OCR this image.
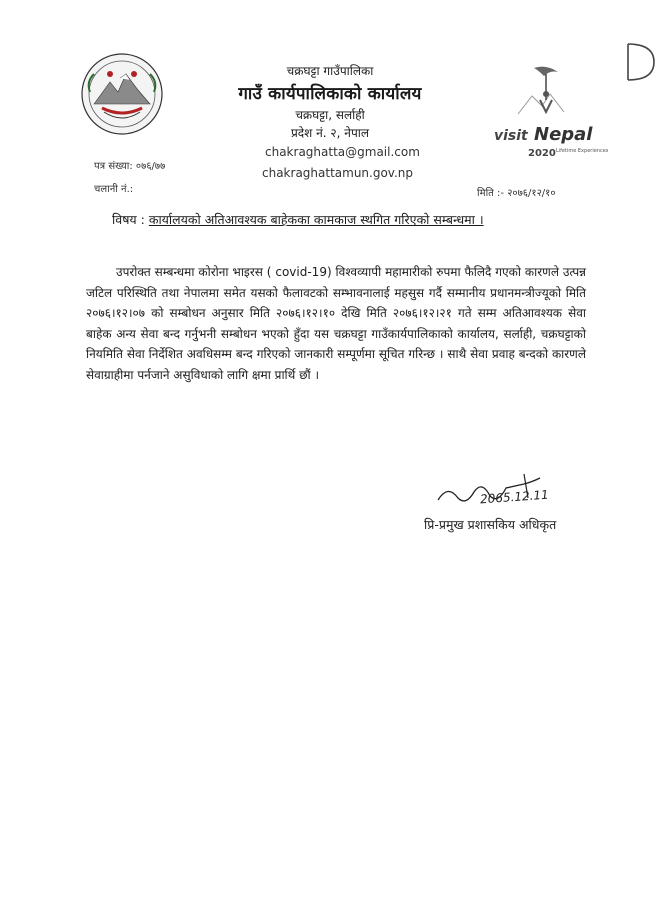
चक्रघट्टा गाउँपालिका
गाउँ कार्यपालिकाको कार्यालय
चक्रघट्टा, सर्लाही
प्रदेश नं. २, नेपाल
chakraghatta@gmail.com
chakraghattamun.gov.np
visit Nepal
2020 Lifetime Experiences
पत्र संख्या: ०७६/७७
चलानी नं.:	मिति :- २०७६/१२/१०
विषय : कार्यालयको अतिआवश्यक बाहेकका कामकाज स्थगित गरिएको सम्बन्धमा ।
उपरोक्त सम्बन्धमा कोरोना भाइरस ( covid-19) विश्वव्यापी महामारीको रुपमा फैलिदै गएको कारणले उत्पन्न जटिल परिस्थिति तथा नेपालमा समेत यसको फैलावटको सम्भावनालाई महसुस गर्दै सम्मानीय प्रधानमन्त्रीज्यूको मिति २०७६।१२।०७ को सम्बोधन अनुसार मिति २०७६।१२।१० देखि मिति २०७६।१२।२१ गते सम्म अतिआवश्यक सेवा बाहेक अन्य सेवा बन्द गर्नुभनी सम्बोधन भएको हुँदा यस चक्रघट्टा गाउँकार्यपालिकाको कार्यालय, सर्लाही, चक्रघट्टाको नियमिति सेवा निर्देशित अवधिसम्म बन्द गरिएको जानकारी सम्पूर्णमा सूचित गरिन्छ । साथै सेवा प्रवाह बन्दको कारणले सेवाग्राहीमा पर्नजाने असुविधाको लागि क्षमा प्रार्थि छौं ।
2065.12.11
प्रि-प्रमुख प्रशासकिय अधिकृत
